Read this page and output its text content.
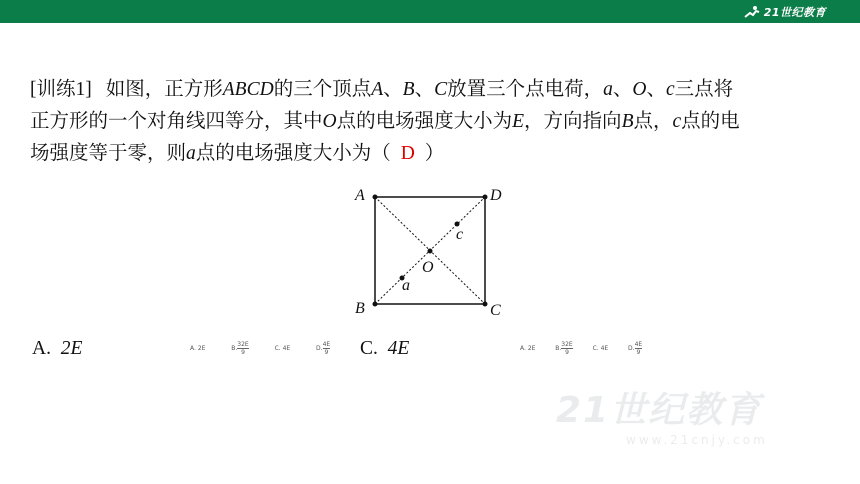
21世纪教育
[训练1] 如图，正方形ABCD的三个顶点A、B、C放置三个点电荷，a、O、c三点将
正方形的一个对角线四等分，其中O点的电场强度大小为E，方向指向B点，c点的电
场强度等于零，则a点的电场强度大小为（ D ）
A	D
B	C
O
c
a
A. 2E	A. 2E	B. $\frac{32E}{9}$	C. 4E	D. $\frac{4E}{9} C$. 4E	A. 2E	B. $\frac{32E}{9}$	C. 4E	D. $\frac{4E}{9}$
21世纪教育
www.21cnjy.com
